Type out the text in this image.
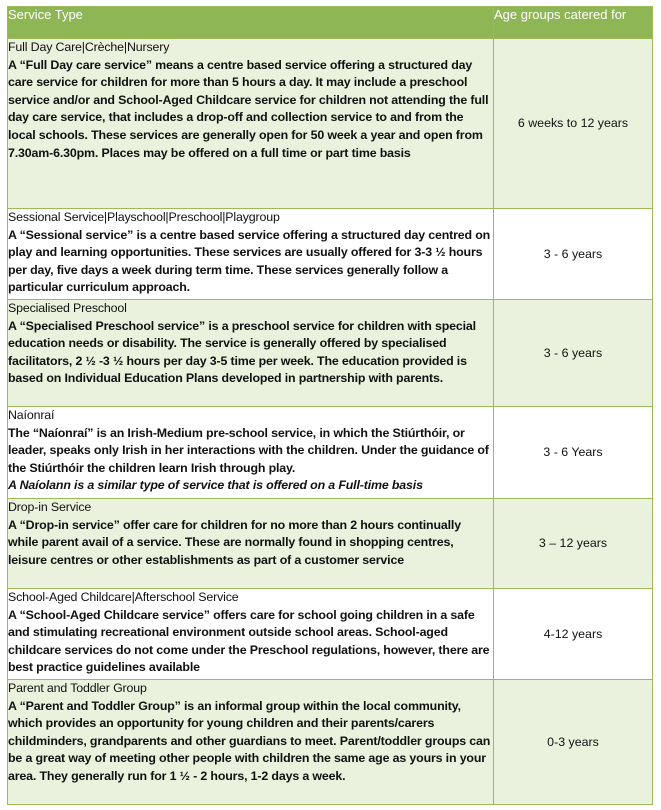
Service Type	Age groups catered for

Full Day Care|Crèche|Nursery
A “Full Day care service” means a centre based service offering a structured day care service for children for more than 5 hours a day. It may include a preschool service and/or and School-Aged Childcare service for children not attending the full day care service, that includes a drop-off and collection service to and from the local schools. These services are generally open for 50 week a year and open from 7.30am-6.30pm. Places may be offered on a full time or part time basis	6 weeks to 12 years

Sessional Service|Playschool|Preschool|Playgroup
A “Sessional service” is a centre based service offering a structured day centred on play and learning opportunities. These services are usually offered for 3-3 ½ hours per day, five days a week during term time. These services generally follow a particular curriculum approach.	3 - 6 years

Specialised Preschool
A “Specialised Preschool service” is a preschool service for children with special education needs or disability. The service is generally offered by specialised facilitators, 2 ½ -3 ½ hours per day 3-5 time per week. The education provided is based on Individual Education Plans developed in partnership with parents.	3 - 6 years

Naíonraí
The “Naíonraí” is an Irish-Medium pre-school service, in which the Stiúrthóir, or leader, speaks only Irish in her interactions with the children. Under the guidance of the Stiúrthóir the children learn Irish through play.
A Naíolann is a similar type of service that is offered on a Full-time basis	3 - 6 Years

Drop-in Service
A “Drop-in service” offer care for children for no more than 2 hours continually while parent avail of a service. These are normally found in shopping centres, leisure centres or other establishments as part of a customer service	3 – 12 years

School-Aged Childcare|Afterschool Service
A “School-Aged Childcare service” offers care for school going children in a safe and stimulating recreational environment outside school areas. School-aged childcare services do not come under the Preschool regulations, however, there are best practice guidelines available	4-12 years

Parent and Toddler Group
A “Parent and Toddler Group” is an informal group within the local community, which provides an opportunity for young children and their parents/carers childminders, grandparents and other guardians to meet. Parent/toddler groups can be a great way of meeting other people with children the same age as yours in your area. They generally run for 1 ½ - 2 hours, 1-2 days a week.	0-3 years
